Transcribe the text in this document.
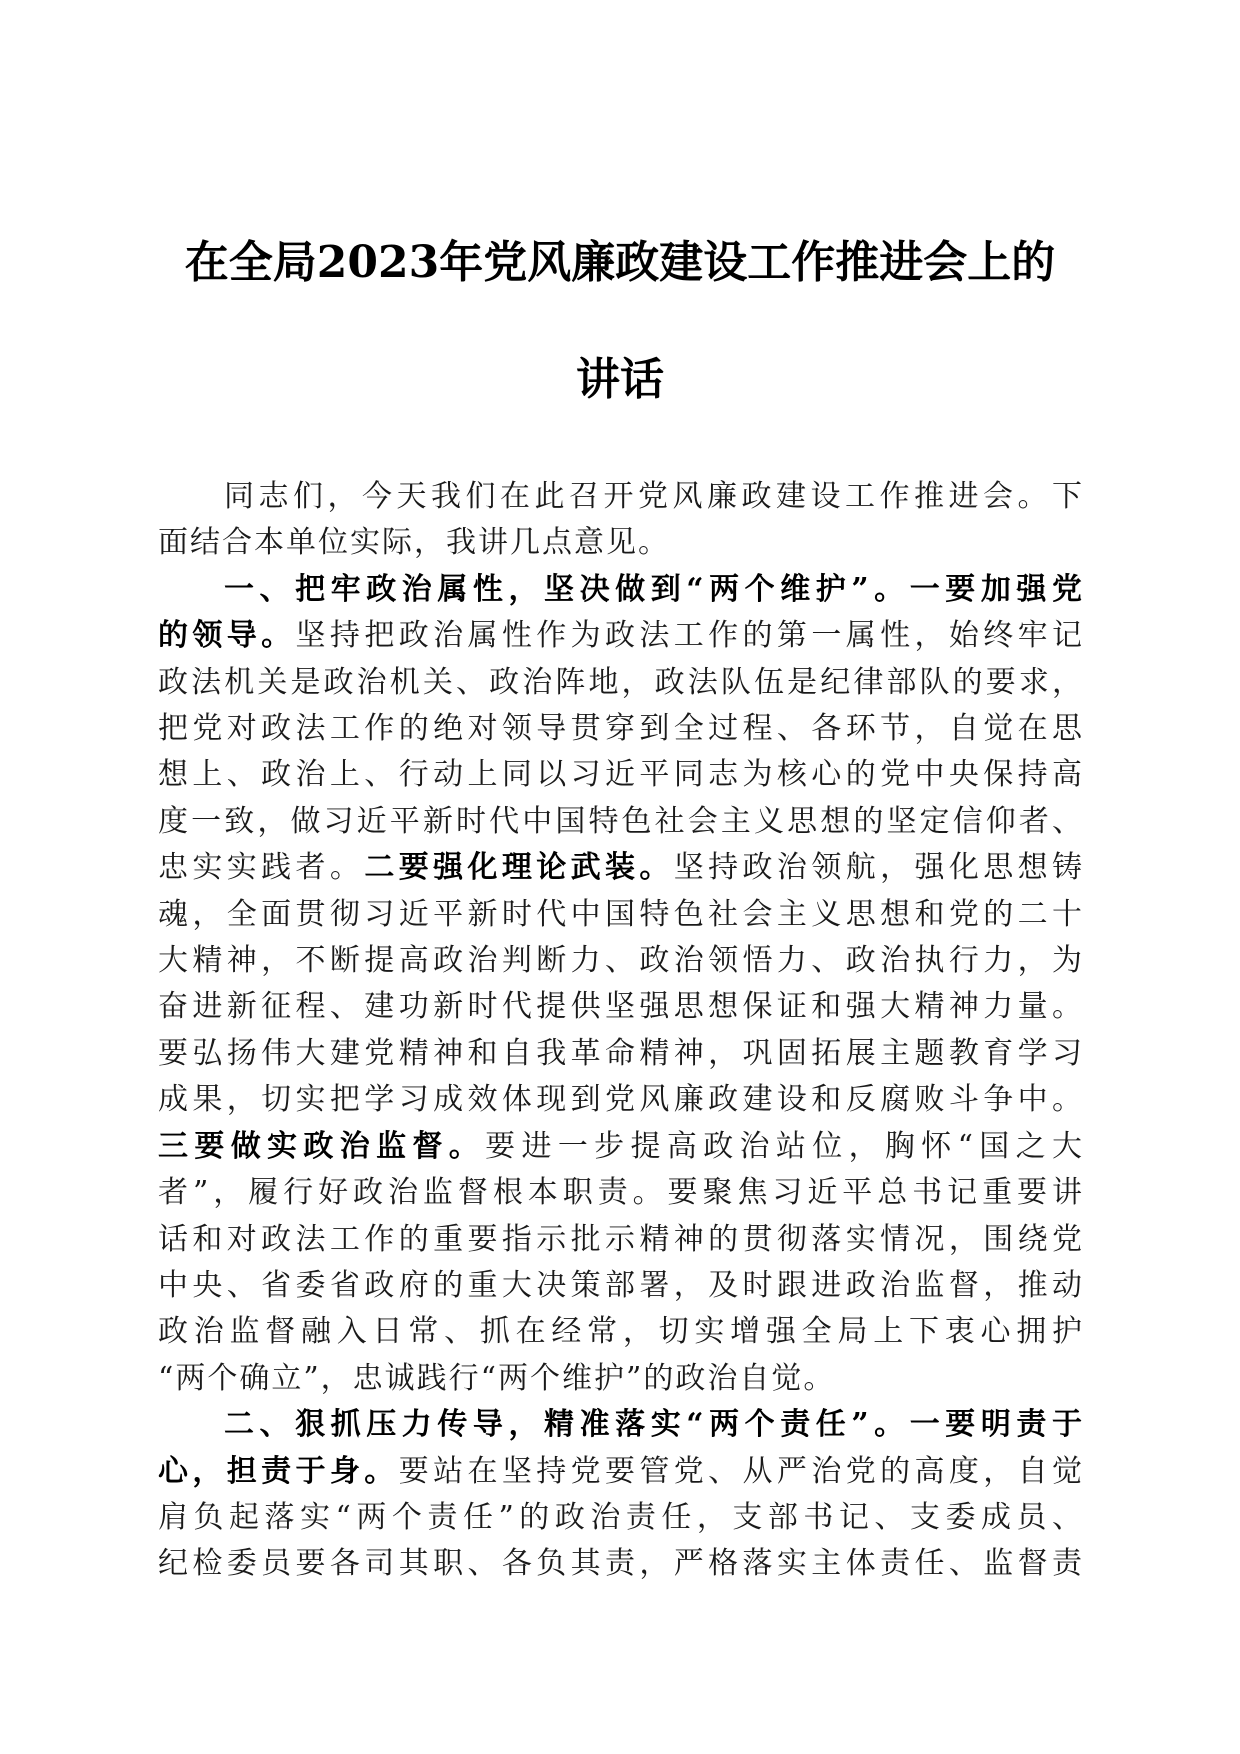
在全局2023年党风廉政建设工作推进会上的
讲话
同志们，今天我们在此召开党风廉政建设工作推进会。下
面结合本单位实际，我讲几点意见。
一、把牢政治属性，坚决做到“两个维护”。一要加强党
的领导。坚持把政治属性作为政法工作的第一属性，始终牢记
政法机关是政治机关、政治阵地，政法队伍是纪律部队的要求，
把党对政法工作的绝对领导贯穿到全过程、各环节，自觉在思
想上、政治上、行动上同以习近平同志为核心的党中央保持高
度一致，做习近平新时代中国特色社会主义思想的坚定信仰者、
忠实实践者。二要强化理论武装。坚持政治领航，强化思想铸
魂，全面贯彻习近平新时代中国特色社会主义思想和党的二十
大精神，不断提高政治判断力、政治领悟力、政治执行力，为
奋进新征程、建功新时代提供坚强思想保证和强大精神力量。
要弘扬伟大建党精神和自我革命精神，巩固拓展主题教育学习
成果，切实把学习成效体现到党风廉政建设和反腐败斗争中。
三要做实政治监督。要进一步提高政治站位，胸怀“国之大
者”，履行好政治监督根本职责。要聚焦习近平总书记重要讲
话和对政法工作的重要指示批示精神的贯彻落实情况，围绕党
中央、省委省政府的重大决策部署，及时跟进政治监督，推动
政治监督融入日常、抓在经常，切实增强全局上下衷心拥护
“两个确立”，忠诚践行“两个维护”的政治自觉。
二、狠抓压力传导，精准落实“两个责任”。一要明责于
心，担责于身。要站在坚持党要管党、从严治党的高度，自觉
肩负起落实“两个责任”的政治责任，支部书记、支委成员、
纪检委员要各司其职、各负其责，严格落实主体责任、监督责
